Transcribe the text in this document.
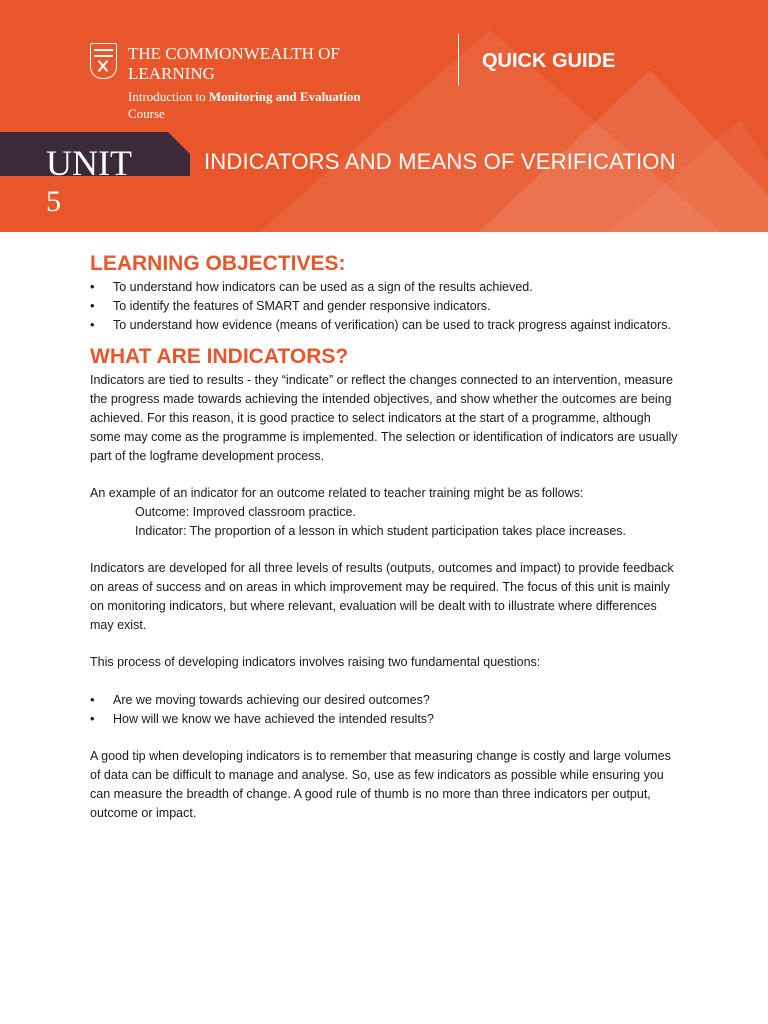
THE COMMONWEALTH OF LEARNING
Introduction to Monitoring and Evaluation
Course
QUICK GUIDE
UNIT
5
INDICATORS AND MEANS OF VERIFICATION
LEARNING OBJECTIVES:
• To understand how indicators can be used as a sign of the results achieved.
• To identify the features of SMART and gender responsive indicators.
• To understand how evidence (means of verification) can be used to track progress against indicators.
WHAT ARE INDICATORS?

Indicators are tied to results - they “indicate” or reflect the changes connected to an intervention, measure the progress made towards achieving the intended objectives, and show whether the outcomes are being achieved. For this reason, it is good practice to select indicators at the start of a programme, although some may come as the programme is implemented. The selection or identification of indicators are usually part of the logframe development process.

An example of an indicator for an outcome related to teacher training might be as follows:

Outcome: Improved classroom practice.

Indicator: The proportion of a lesson in which student participation takes place increases.

Indicators are developed for all three levels of results (outputs, outcomes and impact) to provide feedback on areas of success and on areas in which improvement may be required. The focus of this unit is mainly on monitoring indicators, but where relevant, evaluation will be dealt with to illustrate where differences may exist.

This process of developing indicators involves raising two fundamental questions:

• Are we moving towards achieving our desired outcomes?
• How will we know we have achieved the intended results?

A good tip when developing indicators is to remember that measuring change is costly and large volumes of data can be difficult to manage and analyse. So, use as few indicators as possible while ensuring you can measure the breadth of change. A good rule of thumb is no more than three indicators per output, outcome or impact.
